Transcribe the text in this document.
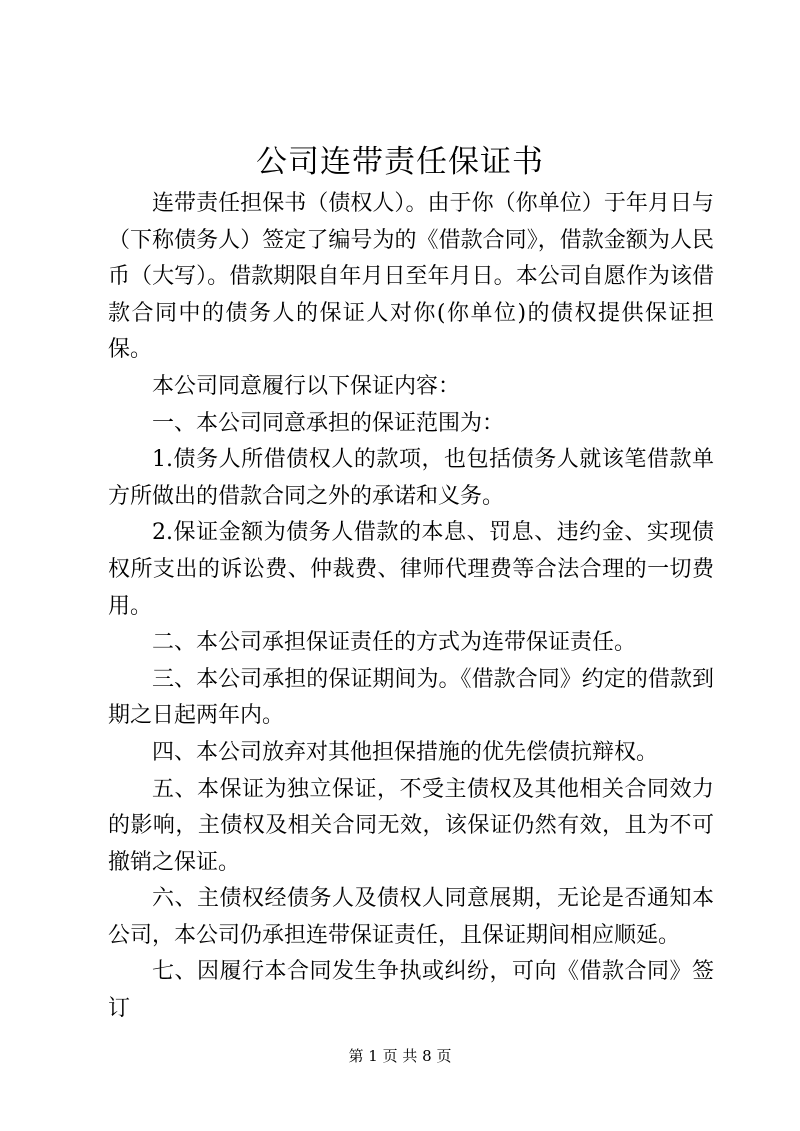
公司连带责任保证书

连带责任担保书（债权人）。由于你（你单位）于年月日与（下称债务人）签定了编号为的《借款合同》，借款金额为人民币（大写）。借款期限自年月日至年月日。本公司自愿作为该借款合同中的债务人的保证人对你(你单位)的债权提供保证担保。

本公司同意履行以下保证内容：

一、本公司同意承担的保证范围为：

1.债务人所借债权人的款项，也包括债务人就该笔借款单方所做出的借款合同之外的承诺和义务。

2.保证金额为债务人借款的本息、罚息、违约金、实现债权所支出的诉讼费、仲裁费、律师代理费等合法合理的一切费用。

二、本公司承担保证责任的方式为连带保证责任。

三、本公司承担的保证期间为。《借款合同》约定的借款到期之日起两年内。

四、本公司放弃对其他担保措施的优先偿债抗辩权。

五、本保证为独立保证，不受主债权及其他相关合同效力的影响，主债权及相关合同无效，该保证仍然有效，且为不可撤销之保证。

六、主债权经债务人及债权人同意展期，无论是否通知本公司，本公司仍承担连带保证责任，且保证期间相应顺延。

七、因履行本合同发生争执或纠纷，可向《借款合同》签订

第 1 页 共 8 页
